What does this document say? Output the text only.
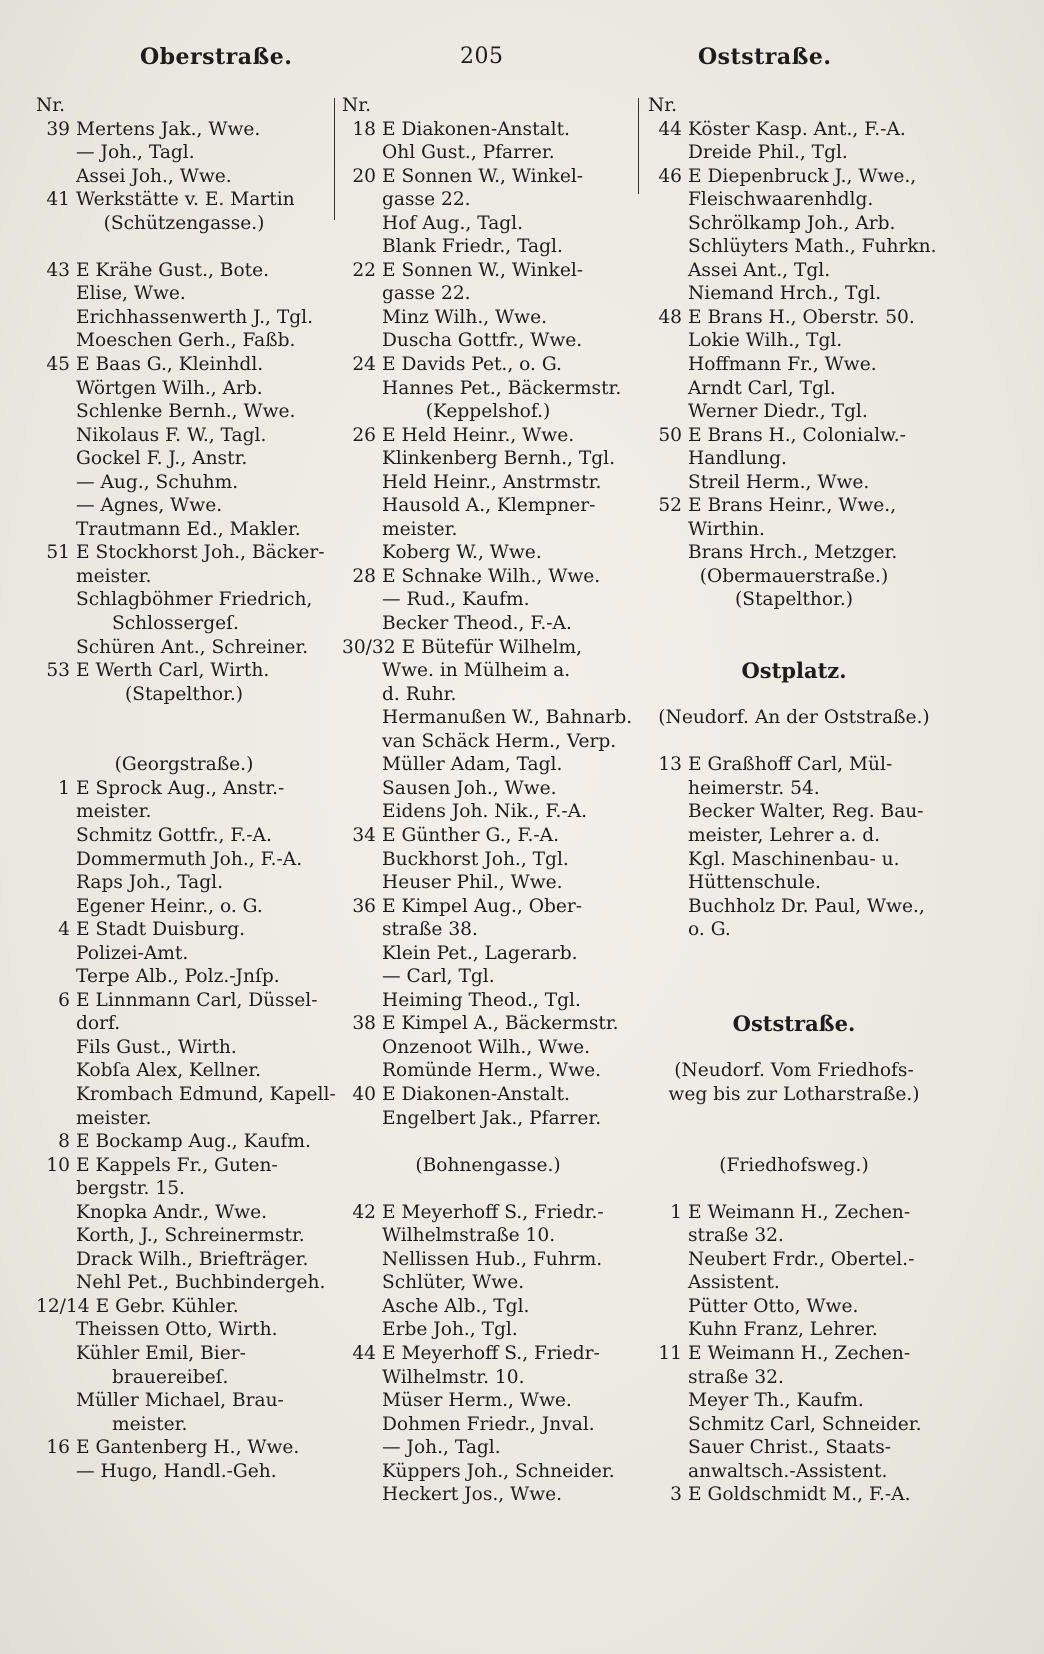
Oberstraße.	205	Oststraße.
Nr.
39 Mertens Jak., Wwe.
— Joh., Tagl.
Assei Joh., Wwe.
41 Werkstätte v. E. Martin
(Schützengasse.)
43 E Krähe Gust., Bote.
Elise, Wwe.
Erichhassenwerth J., Tgl.
Moeschen Gerh., Faßb.
45 E Baas G., Kleinhdl.
Wörtgen Wilh., Arb.
Schlenke Bernh., Wwe.
Nikolaus F. W., Tagl.
Gockel F. J., Anstr.
— Aug., Schuhm.
— Agnes, Wwe.
Trautmann Ed., Makler.
51 E Stockhorst Joh., Bäcker-
meister.
Schlagböhmer Friedrich,
Schlossergeſ.
Schüren Ant., Schreiner.
53 E Werth Carl, Wirth.
(Stapelthor.)
(Georgstraße.)
1 E Sprock Aug., Anstr.-
meister.
Schmitz Gottfr., F.-A.
Dommermuth Joh., F.-A.
Raps Joh., Tagl.
Egener Heinr., o. G.
4 E Stadt Duisburg.
Polizei-Amt.
Terpe Alb., Polz.-Jnſp.
6 E Linnmann Carl, Düssel-
dorf.
Fils Gust., Wirth.
Kobſa Alex, Kellner.
Krombach Edmund, Kapell-
meister.
8 E Bockamp Aug., Kaufm.
10 E Kappels Fr., Guten-
bergstr. 15.
Knopka Andr., Wwe.
Korth, J., Schreinermstr.
Drack Wilh., Briefträger.
Nehl Pet., Buchbindergeh.
12/14 E Gebr. Kühler.
Theissen Otto, Wirth.
Kühler Emil, Bier-
brauereibeſ.
Müller Michael, Brau-
meister.
16 E Gantenberg H., Wwe.
— Hugo, Handl.-Geh.
Nr.
18 E Diakonen-Anstalt.
Ohl Gust., Pfarrer.
20 E Sonnen W., Winkel-
gasse 22.
Hof Aug., Tagl.
Blank Friedr., Tagl.
22 E Sonnen W., Winkel-
gasse 22.
Minz Wilh., Wwe.
Duscha Gottfr., Wwe.
24 E Davids Pet., o. G.
Hannes Pet., Bäckermstr.
(Keppelshof.)
26 E Held Heinr., Wwe.
Klinkenberg Bernh., Tgl.
Held Heinr., Anstrmstr.
Hausold A., Klempner-
meister.
Koberg W., Wwe.
28 E Schnake Wilh., Wwe.
— Rud., Kaufm.
Becker Theod., F.-A.
30/32 E Bütefür Wilhelm,
Wwe. in Mülheim a.
d. Ruhr.
Hermanußen W., Bahnarb.
van Schäck Herm., Verp.
Müller Adam, Tagl.
Sausen Joh., Wwe.
Eidens Joh. Nik., F.-A.
34 E Günther G., F.-A.
Buckhorst Joh., Tgl.
Heuser Phil., Wwe.
36 E Kimpel Aug., Ober-
straße 38.
Klein Pet., Lagerarb.
— Carl, Tgl.
Heiming Theod., Tgl.
38 E Kimpel A., Bäckermstr.
Onzenoot Wilh., Wwe.
Romünde Herm., Wwe.
40 E Diakonen-Anstalt.
Engelbert Jak., Pfarrer.
(Bohnengasse.)
42 E Meyerhoff S., Friedr.-
Wilhelmstraße 10.
Nellissen Hub., Fuhrm.
Schlüter, Wwe.
Asche Alb., Tgl.
Erbe Joh., Tgl.
44 E Meyerhoff S., Friedr-
Wilhelmstr. 10.
Müser Herm., Wwe.
Dohmen Friedr., Jnval.
— Joh., Tagl.
Küppers Joh., Schneider.
Heckert Jos., Wwe.
Nr.
44 Köster Kasp. Ant., F.-A.
Dreide Phil., Tgl.
46 E Diepenbruck J., Wwe.,
Fleischwaarenhdlg.
Schrölkamp Joh., Arb.
Schlüyters Math., Fuhrkn.
Assei Ant., Tgl.
Niemand Hrch., Tgl.
48 E Brans H., Oberstr. 50.
Lokie Wilh., Tgl.
Hoffmann Fr., Wwe.
Arndt Carl, Tgl.
Werner Diedr., Tgl.
50 E Brans H., Colonialw.-
Handlung.
Streil Herm., Wwe.
52 E Brans Heinr., Wwe.,
Wirthin.
Brans Hrch., Metzger.
(Obermauerstraße.)
(Stapelthor.)
Ostplatz.
(Neudorf. An der Oststraße.)
13 E Graßhoff Carl, Mül-
heimerstr. 54.
Becker Walter, Reg. Bau-
meister, Lehrer a. d.
Kgl. Maschinenbau- u.
Hüttenschule.
Buchholz Dr. Paul, Wwe.,
o. G.
Oststraße.
(Neudorf. Vom Friedhofs-
weg bis zur Lotharstraße.)
(Friedhofsweg.)
1 E Weimann H., Zechen-
straße 32.
Neubert Frdr., Obertel.-
Assistent.
Pütter Otto, Wwe.
Kuhn Franz, Lehrer.
11 E Weimann H., Zechen-
straße 32.
Meyer Th., Kaufm.
Schmitz Carl, Schneider.
Sauer Christ., Staats-
anwaltsch.-Assistent.
3 E Goldschmidt M., F.-A.
